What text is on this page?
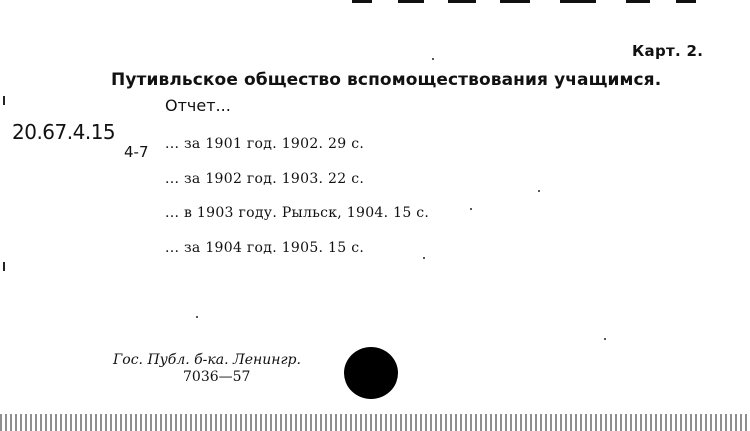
Карт. 2.
Путивльское общество вспомоществования учащимся.
Отчет...
20.67.4.15
4-7 ... за 1901 год. 1902. 29 с.
... за 1902 год. 1903. 22 с.
... в 1903 году. Рыльск, 1904. 15 с.
... за 1904 год. 1905. 15 с.
Гос. Публ. б-ка. Ленингр.
7036—57
